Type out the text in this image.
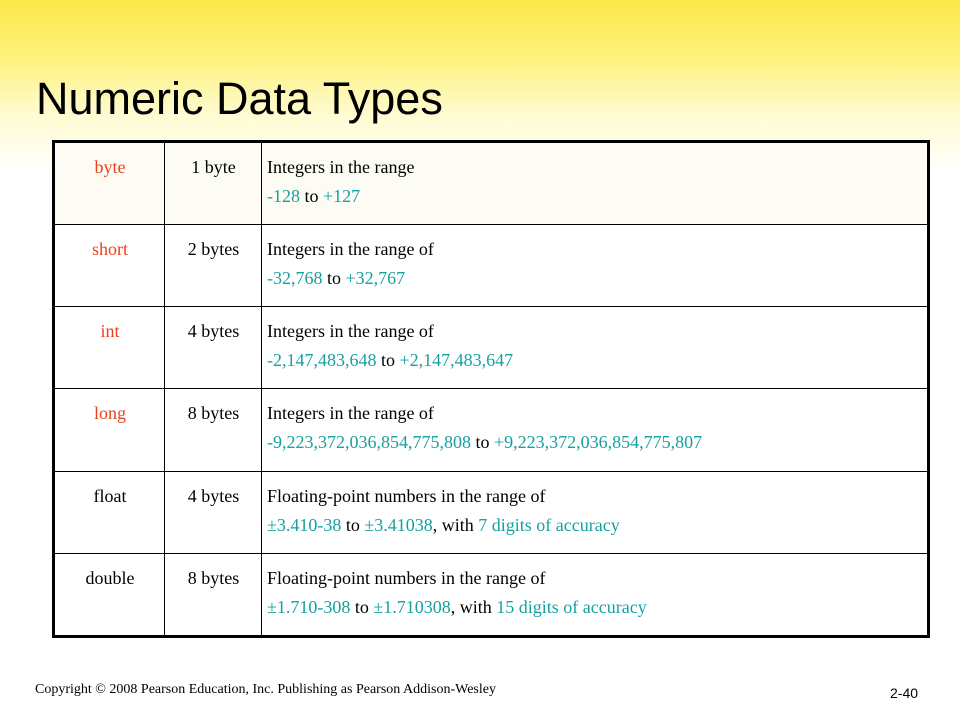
Numeric Data Types
byte	1 byte	Integers in the range
-128 to +127

short	2 bytes	Integers in the range of
-32,768 to +32,767

int	4 bytes	Integers in the range of
-2,147,483,648 to +2,147,483,647

long	8 bytes	Integers in the range of
-9,223,372,036,854,775,808 to +9,223,372,036,854,775,807

float	4 bytes	Floating-point numbers in the range of
±3.410-38 to ±3.41038, with 7 digits of accuracy

double	8 bytes	Floating-point numbers in the range of
±1.710-308 to ±1.710308, with 15 digits of accuracy
Copyright © 2008 Pearson Education, Inc. Publishing as Pearson Addison-Wesley	2-40
